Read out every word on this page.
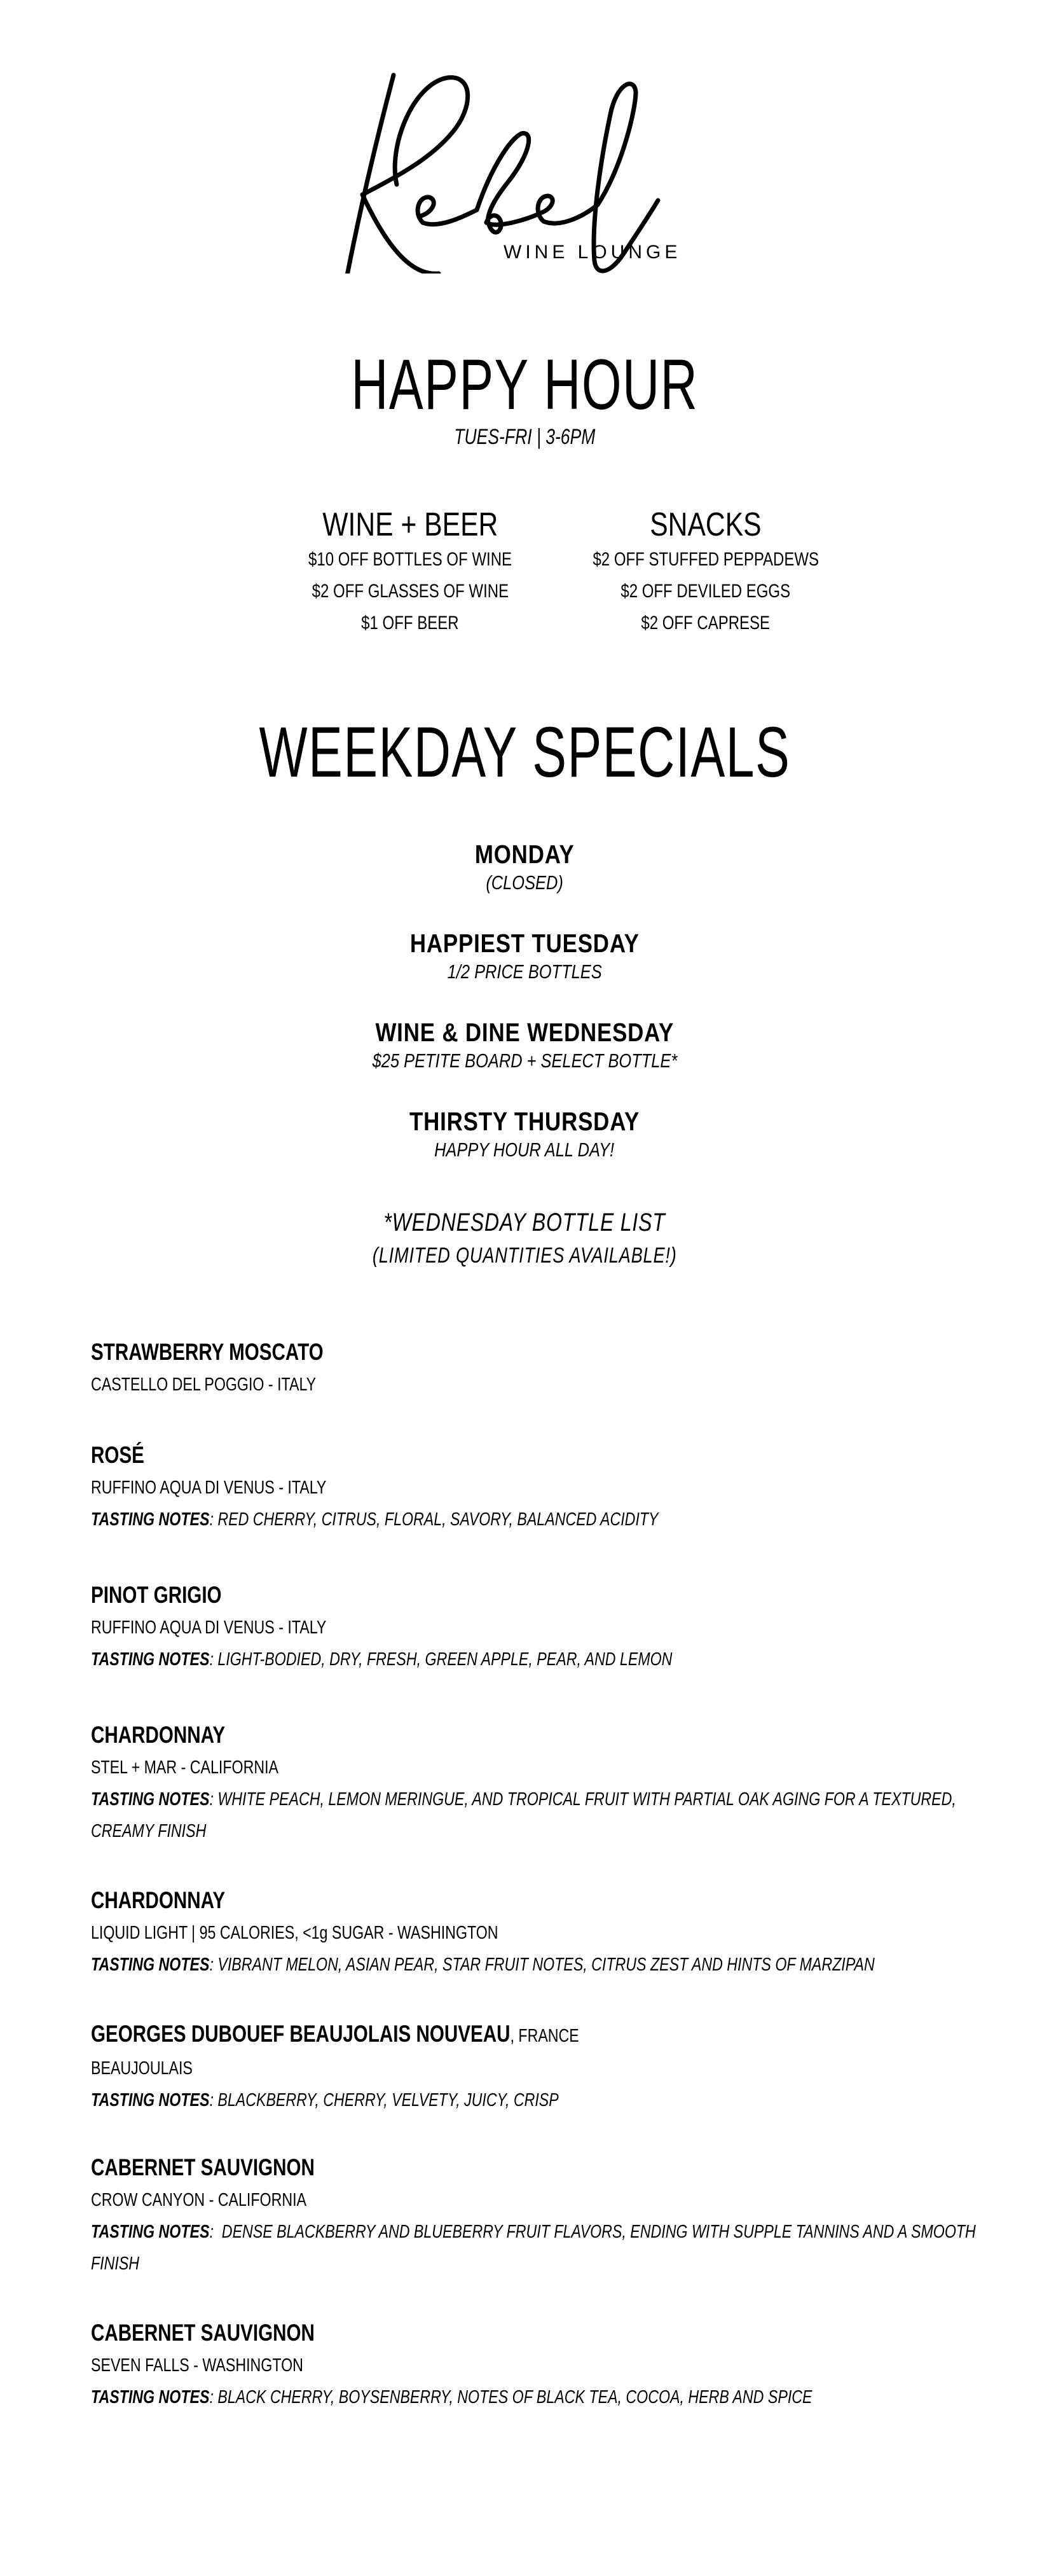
WINE LOUNGE
HAPPY HOUR
TUES-FRI | 3-6PM
WINE + BEER
$10 OFF BOTTLES OF WINE
$2 OFF GLASSES OF WINE
$1 OFF BEER
SNACKS
$2 OFF STUFFED PEPPADEWS
$2 OFF DEVILED EGGS
$2 OFF CAPRESE
WEEKDAY SPECIALS
MONDAY
(CLOSED)
HAPPIEST TUESDAY
1/2 PRICE BOTTLES
WINE & DINE WEDNESDAY
$25 PETITE BOARD + SELECT BOTTLE*
THIRSTY THURSDAY
HAPPY HOUR ALL DAY!
*WEDNESDAY BOTTLE LIST
(LIMITED QUANTITIES AVAILABLE!)
STRAWBERRY MOSCATO
CASTELLO DEL POGGIO - ITALY
ROSÉ
RUFFINO AQUA DI VENUS - ITALY
TASTING NOTES: RED CHERRY, CITRUS, FLORAL, SAVORY, BALANCED ACIDITY
PINOT GRIGIO
RUFFINO AQUA DI VENUS - ITALY
TASTING NOTES: LIGHT-BODIED, DRY, FRESH, GREEN APPLE, PEAR, AND LEMON
CHARDONNAY
STEL + MAR - CALIFORNIA
TASTING NOTES: WHITE PEACH, LEMON MERINGUE, AND TROPICAL FRUIT WITH PARTIAL OAK AGING FOR A TEXTURED, CREAMY FINISH
CHARDONNAY
LIQUID LIGHT | 95 CALORIES, <1g SUGAR - WASHINGTON
TASTING NOTES: VIBRANT MELON, ASIAN PEAR, STAR FRUIT NOTES, CITRUS ZEST AND HINTS OF MARZIPAN
GEORGES DUBOUEF BEAUJOLAIS NOUVEAU, FRANCE
BEAUJOULAIS
TASTING NOTES: BLACKBERRY, CHERRY, VELVETY, JUICY, CRISP
CABERNET SAUVIGNON
CROW CANYON - CALIFORNIA
TASTING NOTES:  DENSE BLACKBERRY AND BLUEBERRY FRUIT FLAVORS, ENDING WITH SUPPLE TANNINS AND A SMOOTH FINISH
CABERNET SAUVIGNON
SEVEN FALLS - WASHINGTON
TASTING NOTES: BLACK CHERRY, BOYSENBERRY, NOTES OF BLACK TEA, COCOA, HERB AND SPICE
